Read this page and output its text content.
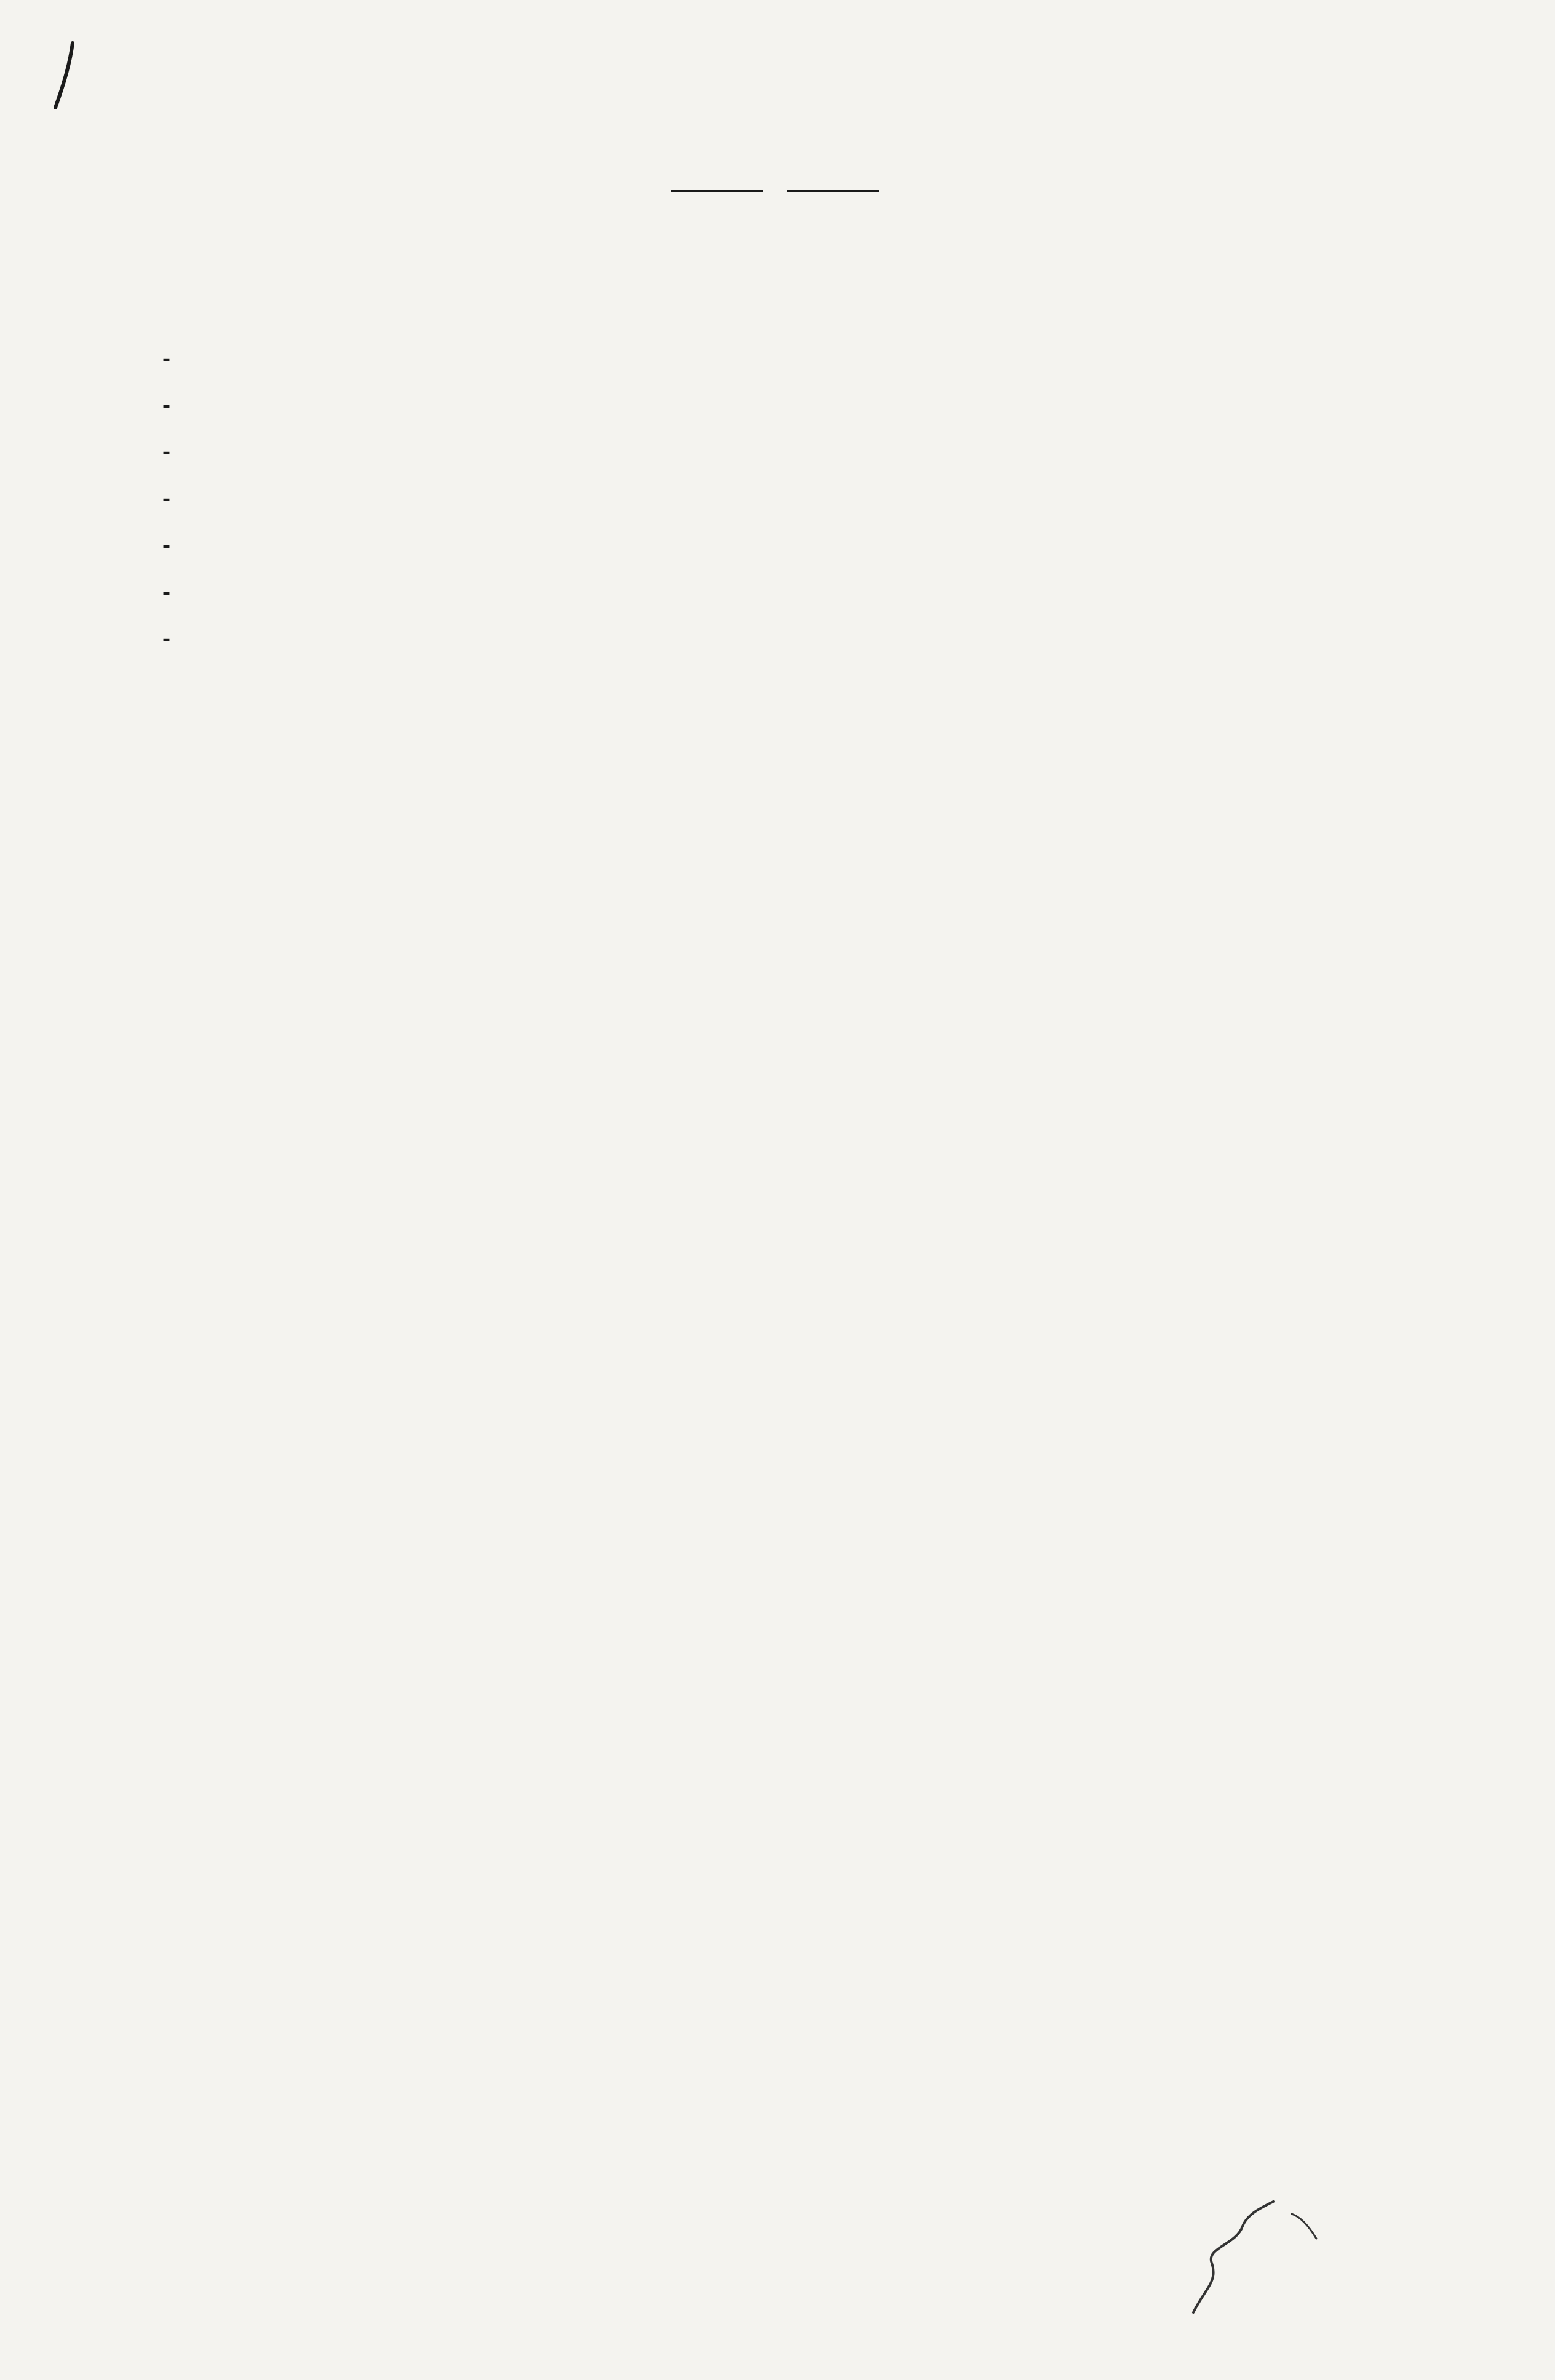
-
-
-
-
-
-
-
